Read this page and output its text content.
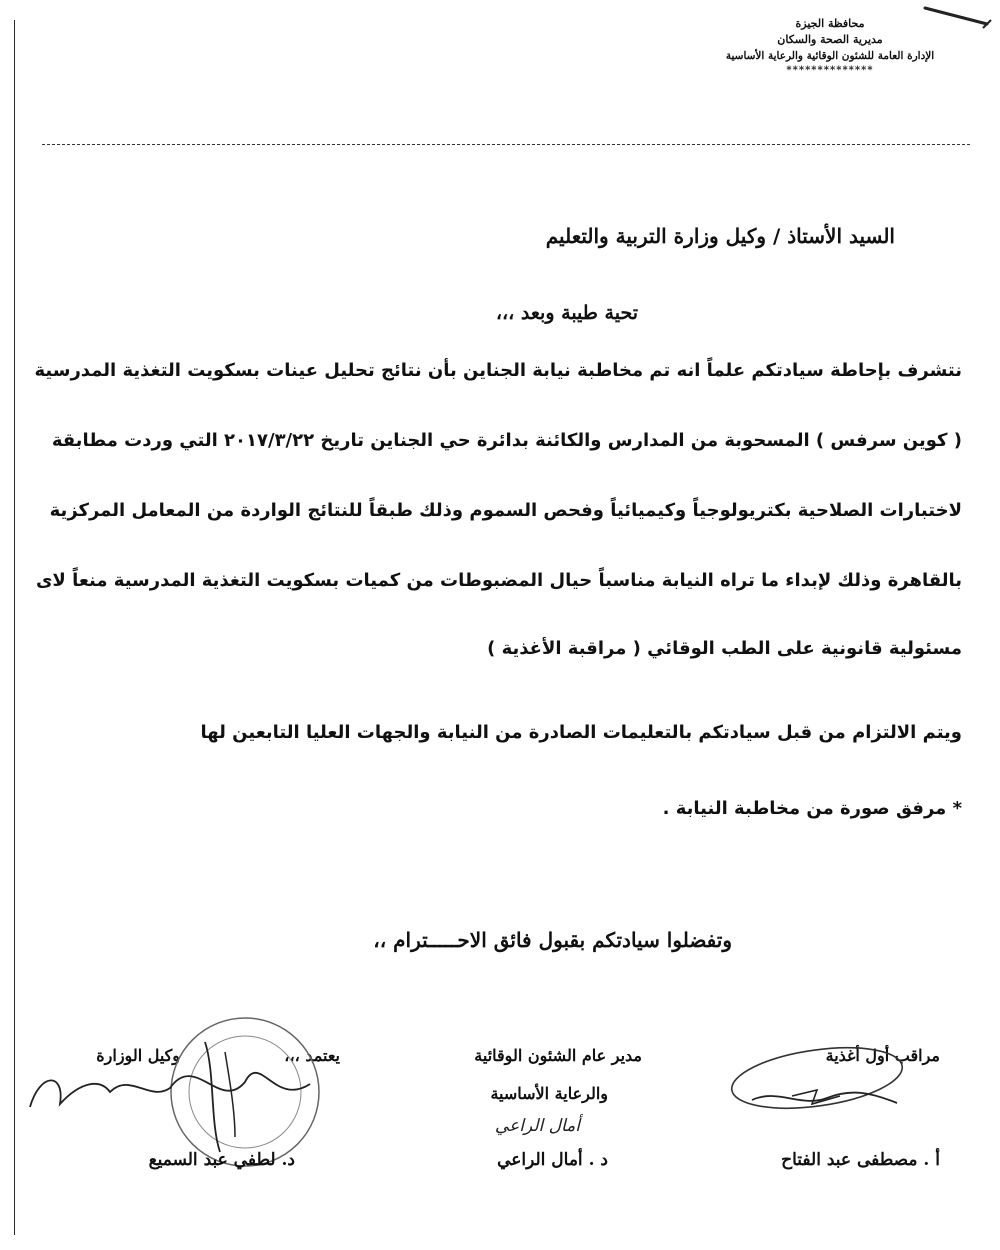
محافظة الجيزة
مديرية الصحة والسكان
الإدارة العامة للشئون الوقائية والرعاية الأساسية
**************
السيد الأستاذ / وكيل وزارة التربية والتعليم
تحية طيبة وبعد ،،،
نتشرف بإحاطة سيادتكم علماً انه تم مخاطبة نيابة الجناين بأن نتائج تحليل عينات بسكويت التغذية المدرسية
( كوين سرفس ) المسحوبة من المدارس والكائنة بدائرة حي الجناين تاريخ ٢٠١٧/٣/٢٢ التي وردت مطابقة
لاختبارات الصلاحية بكتريولوجياً وكيميائياً وفحص السموم وذلك طبقاً للنتائج الواردة من المعامل المركزية
بالقاهرة وذلك لإبداء ما تراه النيابة مناسباً حيال المضبوطات من كميات بسكويت التغذية المدرسية منعاً لاى
مسئولية قانونية على الطب الوقائي ( مراقبة الأغذية )
ويتم الالتزام من قبل سيادتكم بالتعليمات الصادرة من النيابة والجهات العليا التابعين لها
* مرفق صورة من مخاطبة النيابة .
وتفضلوا سيادتكم بقبول فائق الاحـــــترام ،،
مراقب أول أغذية
أ . مصطفى عبد الفتاح
مدير عام الشئون الوقائية
والرعاية الأساسية
أمال الراعي
د . أمال الراعي
يعتمد ،،،
وكيل الوزارة
د. لطفي عبد السميع
